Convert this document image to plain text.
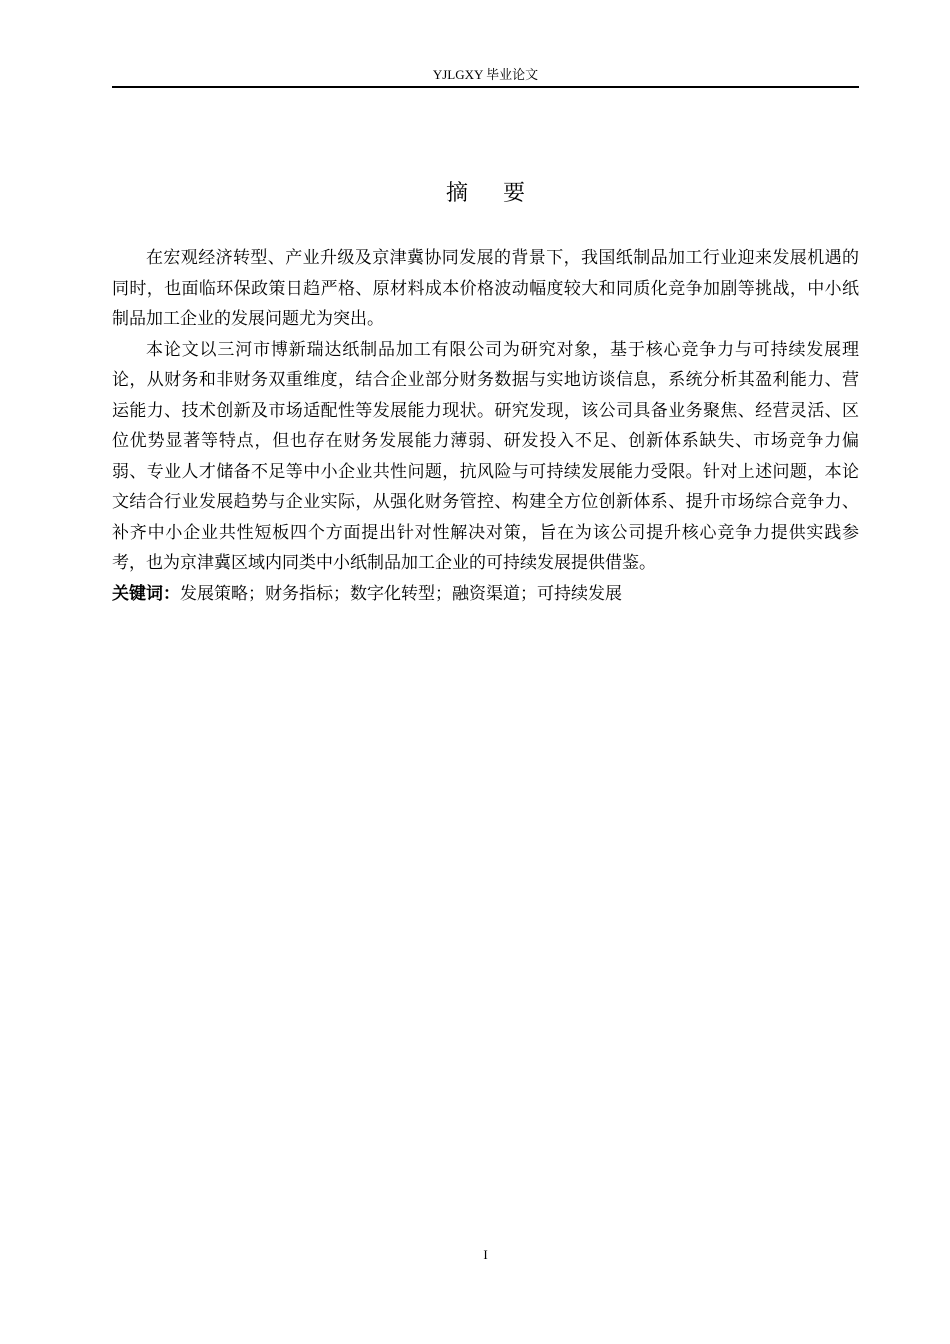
YJLGXY 毕业论文
摘 要

在宏观经济转型、产业升级及京津冀协同发展的背景下，我国纸制品加工行业迎来发展机遇的同时，也面临环保政策日趋严格、原材料成本价格波动幅度较大和同质化竞争加剧等挑战，中小纸制品加工企业的发展问题尤为突出。

本论文以三河市博新瑞达纸制品加工有限公司为研究对象，基于核心竞争力与可持续发展理论，从财务和非财务双重维度，结合企业部分财务数据与实地访谈信息，系统分析其盈利能力、营运能力、技术创新及市场适配性等发展能力现状。研究发现，该公司具备业务聚焦、经营灵活、区位优势显著等特点，但也存在财务发展能力薄弱、研发投入不足、创新体系缺失、市场竞争力偏弱、专业人才储备不足等中小企业共性问题，抗风险与可持续发展能力受限。针对上述问题，本论文结合行业发展趋势与企业实际，从强化财务管控、构建全方位创新体系、提升市场综合竞争力、补齐中小企业共性短板四个方面提出针对性解决对策，旨在为该公司提升核心竞争力提供实践参考，也为京津冀区域内同类中小纸制品加工企业的可持续发展提供借鉴。

关键词：发展策略；财务指标；数字化转型；融资渠道；可持续发展

I
